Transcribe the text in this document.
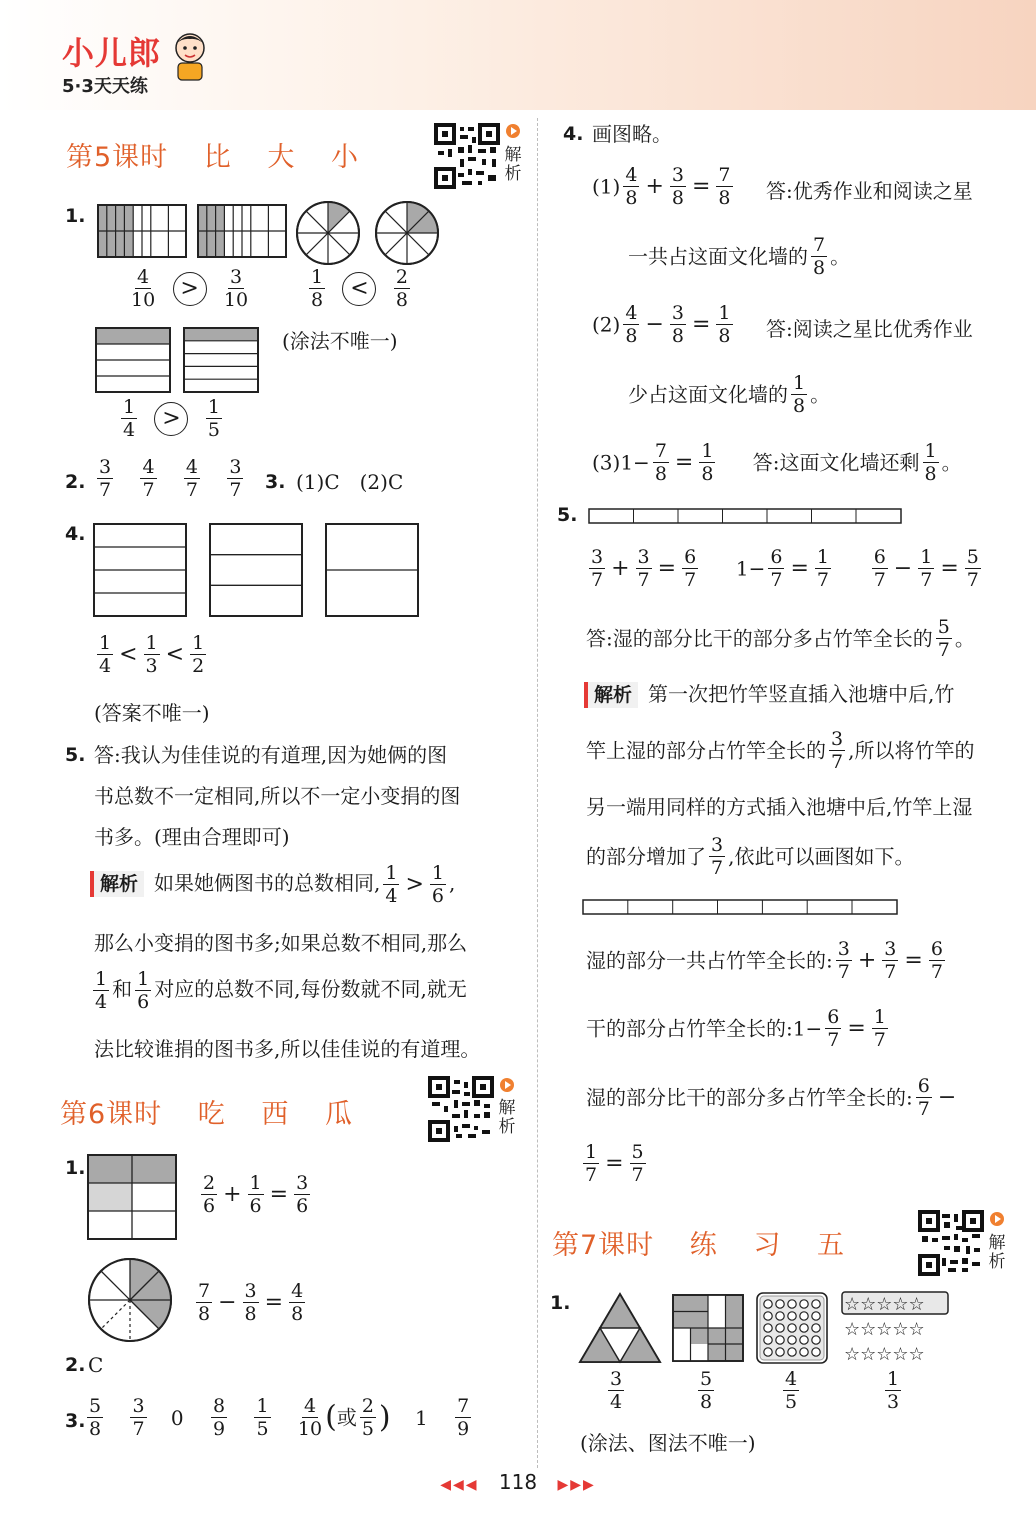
小儿郎
5·3天天练
第5课时 比 大 小	解析
1.
$\frac{4}{10} > \frac{3}{10}$	$\frac{1}{8} < \frac{2}{8}$
(涂法不唯一)
$\frac{1}{4} > \frac{1}{5}$
2. $\frac{3}{7}$
$\frac{4}{7}$
$\frac{4}{7}$
$\frac{3}{7} 3$. (1)C　(2)C
4.
$\frac{1}{4} < \frac{1}{3} < \frac{1}{2}$
(答案不唯一)
5. 答:我认为佳佳说的有道理,因为她俩的图
书总数不一定相同,所以不一定小变捐的图
书多。(理由合理即可)
解析 如果她俩图书的总数相同, $\frac{1}{4} > \frac{1}{6}$ ,
那么小变捐的图书多;如果总数不相同,那么
$\frac{1}{4}$ 和 $\frac{1}{6}$ 对应的总数不同,每份数就不同,就无
法比较谁捐的图书多,所以佳佳说的有道理。
第6课时 吃 西 瓜	解析
1.
$\frac{2}{6} + \frac{1}{6} = \frac{3}{6}$
$\frac{7}{8} - \frac{3}{8} = \frac{4}{8}$
2. C
3. $\frac{5}{8}$
$\frac{3}{7} 0 \frac{8}{9}$
$\frac{1}{5}$
$\frac{4}{10}$ (或 $\frac{2}{5}$ ) $1 \frac{7}{9}$
4. 画图略。
$(1) \frac{4}{8} + \frac{3}{8} = \frac{7}{8}$ 答:优秀作业和阅读之星
一共占这面文化墙的 $\frac{7}{8}$ 。
$(2) \frac{4}{8} - \frac{3}{8} = \frac{1}{8}$ 答:阅读之星比优秀作业
少占这面文化墙的 $\frac{1}{8}$ 。
$(3)1- \frac{7}{8} = \frac{1}{8}$ 答:这面文化墙还剩 $\frac{1}{8}$ 。
5.
$\frac{3}{7} + \frac{3}{7} = \frac{6}{7} 1- \frac{6}{7} = \frac{1}{7}$
$\frac{6}{7} - \frac{1}{7} = \frac{5}{7}$
答:湿的部分比干的部分多占竹竿全长的 $\frac{5}{7}$ 。
解析 第一次把竹竿竖直插入池塘中后,竹
竿上湿的部分占竹竿全长的 $\frac{3}{7}$ ,所以将竹竿的
另一端用同样的方式插入池塘中后,竹竿上湿
的部分增加了 $\frac{3}{7}$ ,依此可以画图如下。
湿的部分一共占竹竿全长的: $\frac{3}{7} + \frac{3}{7} = \frac{6}{7}$
干的部分占竹竿全长的:1− $\frac{6}{7} = \frac{1}{7}$
湿的部分比干的部分多占竹竿全长的: $\frac{6}{7}$ −
$\frac{1}{7} = \frac{5}{7}$
第7课时 练 习 五	解析
1.	☆☆☆☆☆
☆☆☆☆☆
☆☆☆☆☆
$\frac{3}{4}$	$\frac{5}{8}$	$\frac{4}{5}$	$\frac{1}{3}$
(涂法、图法不唯一)
◀◀◀ 118 ▶▶▶
